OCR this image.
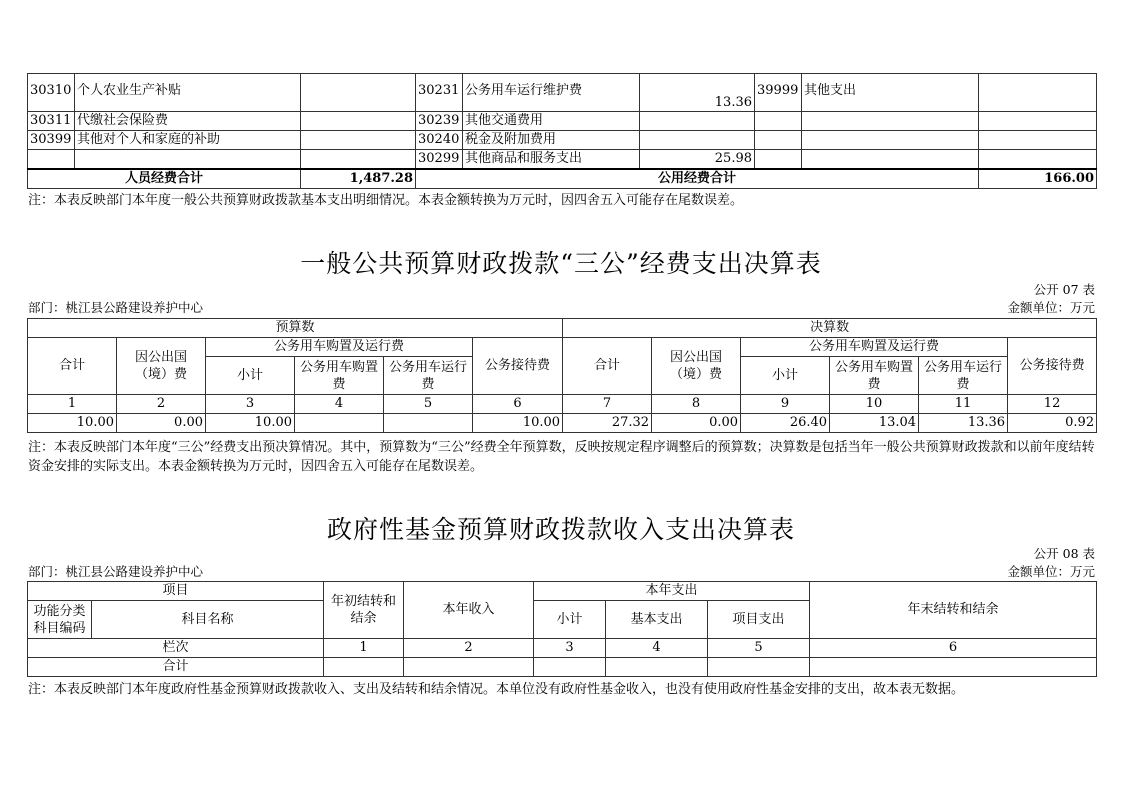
30310	个人农业生产补贴		30231	公务用车运行维护费	13.36	39999	其他支出	
30311	代缴社会保险费		30239	其他交通费用				
30399	其他对个人和家庭的补助		30240	税金及附加费用				
			30299	其他商品和服务支出	25.98			
人员经费合计		1,487.28	公用经费合计					166.00
注：本表反映部门本年度一般公共预算财政拨款基本支出明细情况。本表金额转换为万元时，因四舍五入可能存在尾数误差。
一般公共预算财政拨款“三公”经费支出决算表
公开 07 表
部门：桃江县公路建设养护中心	金额单位：万元
预算数						决算数					
合计	因公出国（境）费	公务用车购置及运行费			公务接待费	合计	因公出国（境）费	公务用车购置及运行费			公务接待费
		小计	公务用车购置费	公务用车运行费				小计	公务用车购置费	公务用车运行费	
1	2	3	4	5	6	7	8	9	10	11	12
10.00	0.00	10.00			10.00	27.32	0.00	26.40	13.04	13.36	0.92
注：本表反映部门本年度“三公”经费支出预决算情况。其中，预算数为“三公”经费全年预算数，反映按规定程序调整后的预算数；决算数是包括当年一般公共预算财政拨款和以前年度结转资金安排的实际支出。本表金额转换为万元时，因四舍五入可能存在尾数误差。
政府性基金预算财政拨款收入支出决算表
公开 08 表
部门：桃江县公路建设养护中心	金额单位：万元
项目		年初结转和结余	本年收入	本年支出			年末结转和结余
功能分类科目编码	科目名称			小计	基本支出	项目支出	
栏次		1	2	3	4	5	6
合计							
注：本表反映部门本年度政府性基金预算财政拨款收入、支出及结转和结余情况。本单位没有政府性基金收入，也没有使用政府性基金安排的支出，故本表无数据。
